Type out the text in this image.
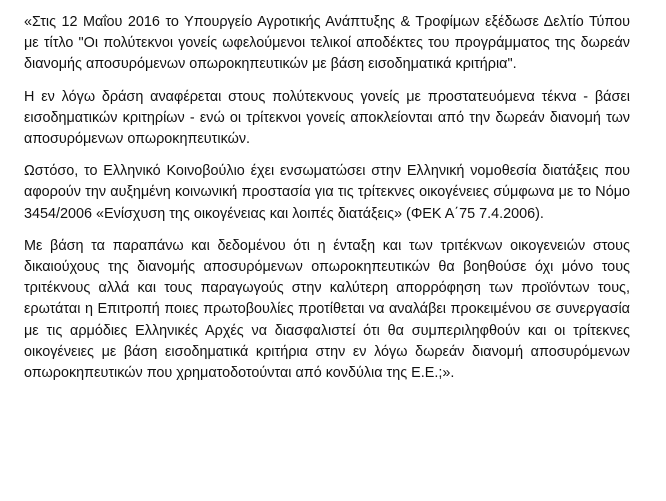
«Στις 12 Μαΐου 2016 το Υπουργείο Αγροτικής Ανάπτυξης & Τροφίμων εξέδωσε Δελτίο Τύπου με τίτλο "Οι πολύτεκνοι γονείς ωφελούμενοι τελικοί αποδέκτες του προγράμματος της δωρεάν διανομής αποσυρόμενων οπωροκηπευτικών με βάση εισοδηματικά κριτήρια".

Η εν λόγω δράση αναφέρεται στους πολύτεκνους γονείς με προστατευόμενα τέκνα - βάσει εισοδηματικών κριτηρίων - ενώ οι τρίτεκνοι γονείς αποκλείονται από την δωρεάν διανομή των αποσυρόμενων οπωροκηπευτικών.

Ωστόσο, το Ελληνικό Κοινοβούλιο έχει ενσωματώσει στην Ελληνική νομοθεσία διατάξεις που αφορούν την αυξημένη κοινωνική προστασία για τις τρίτεκνες οικογένειες σύμφωνα με το Νόμο 3454/2006 «Ενίσχυση της οικογένειας και λοιπές διατάξεις» (ΦΕΚ Α΄75 7.4.2006).

Με βάση τα παραπάνω και δεδομένου ότι η ένταξη και των τριτέκνων οικογενειών στους δικαιούχους της διανομής αποσυρόμενων οπωροκηπευτικών θα βοηθούσε όχι μόνο τους τριτέκνους αλλά και τους παραγωγούς στην καλύτερη απορρόφηση των προϊόντων τους, ερωτάται η Επιτροπή ποιες πρωτοβουλίες προτίθεται να αναλάβει προκειμένου σε συνεργασία με τις αρμόδιες Ελληνικές Αρχές να διασφαλιστεί ότι θα συμπεριληφθούν και οι τρίτεκνες οικογένειες με βάση εισοδηματικά κριτήρια στην εν λόγω δωρεάν διανομή αποσυρόμενων οπωροκηπευτικών που χρηματοδοτούνται από κονδύλια της Ε.Ε.;».
